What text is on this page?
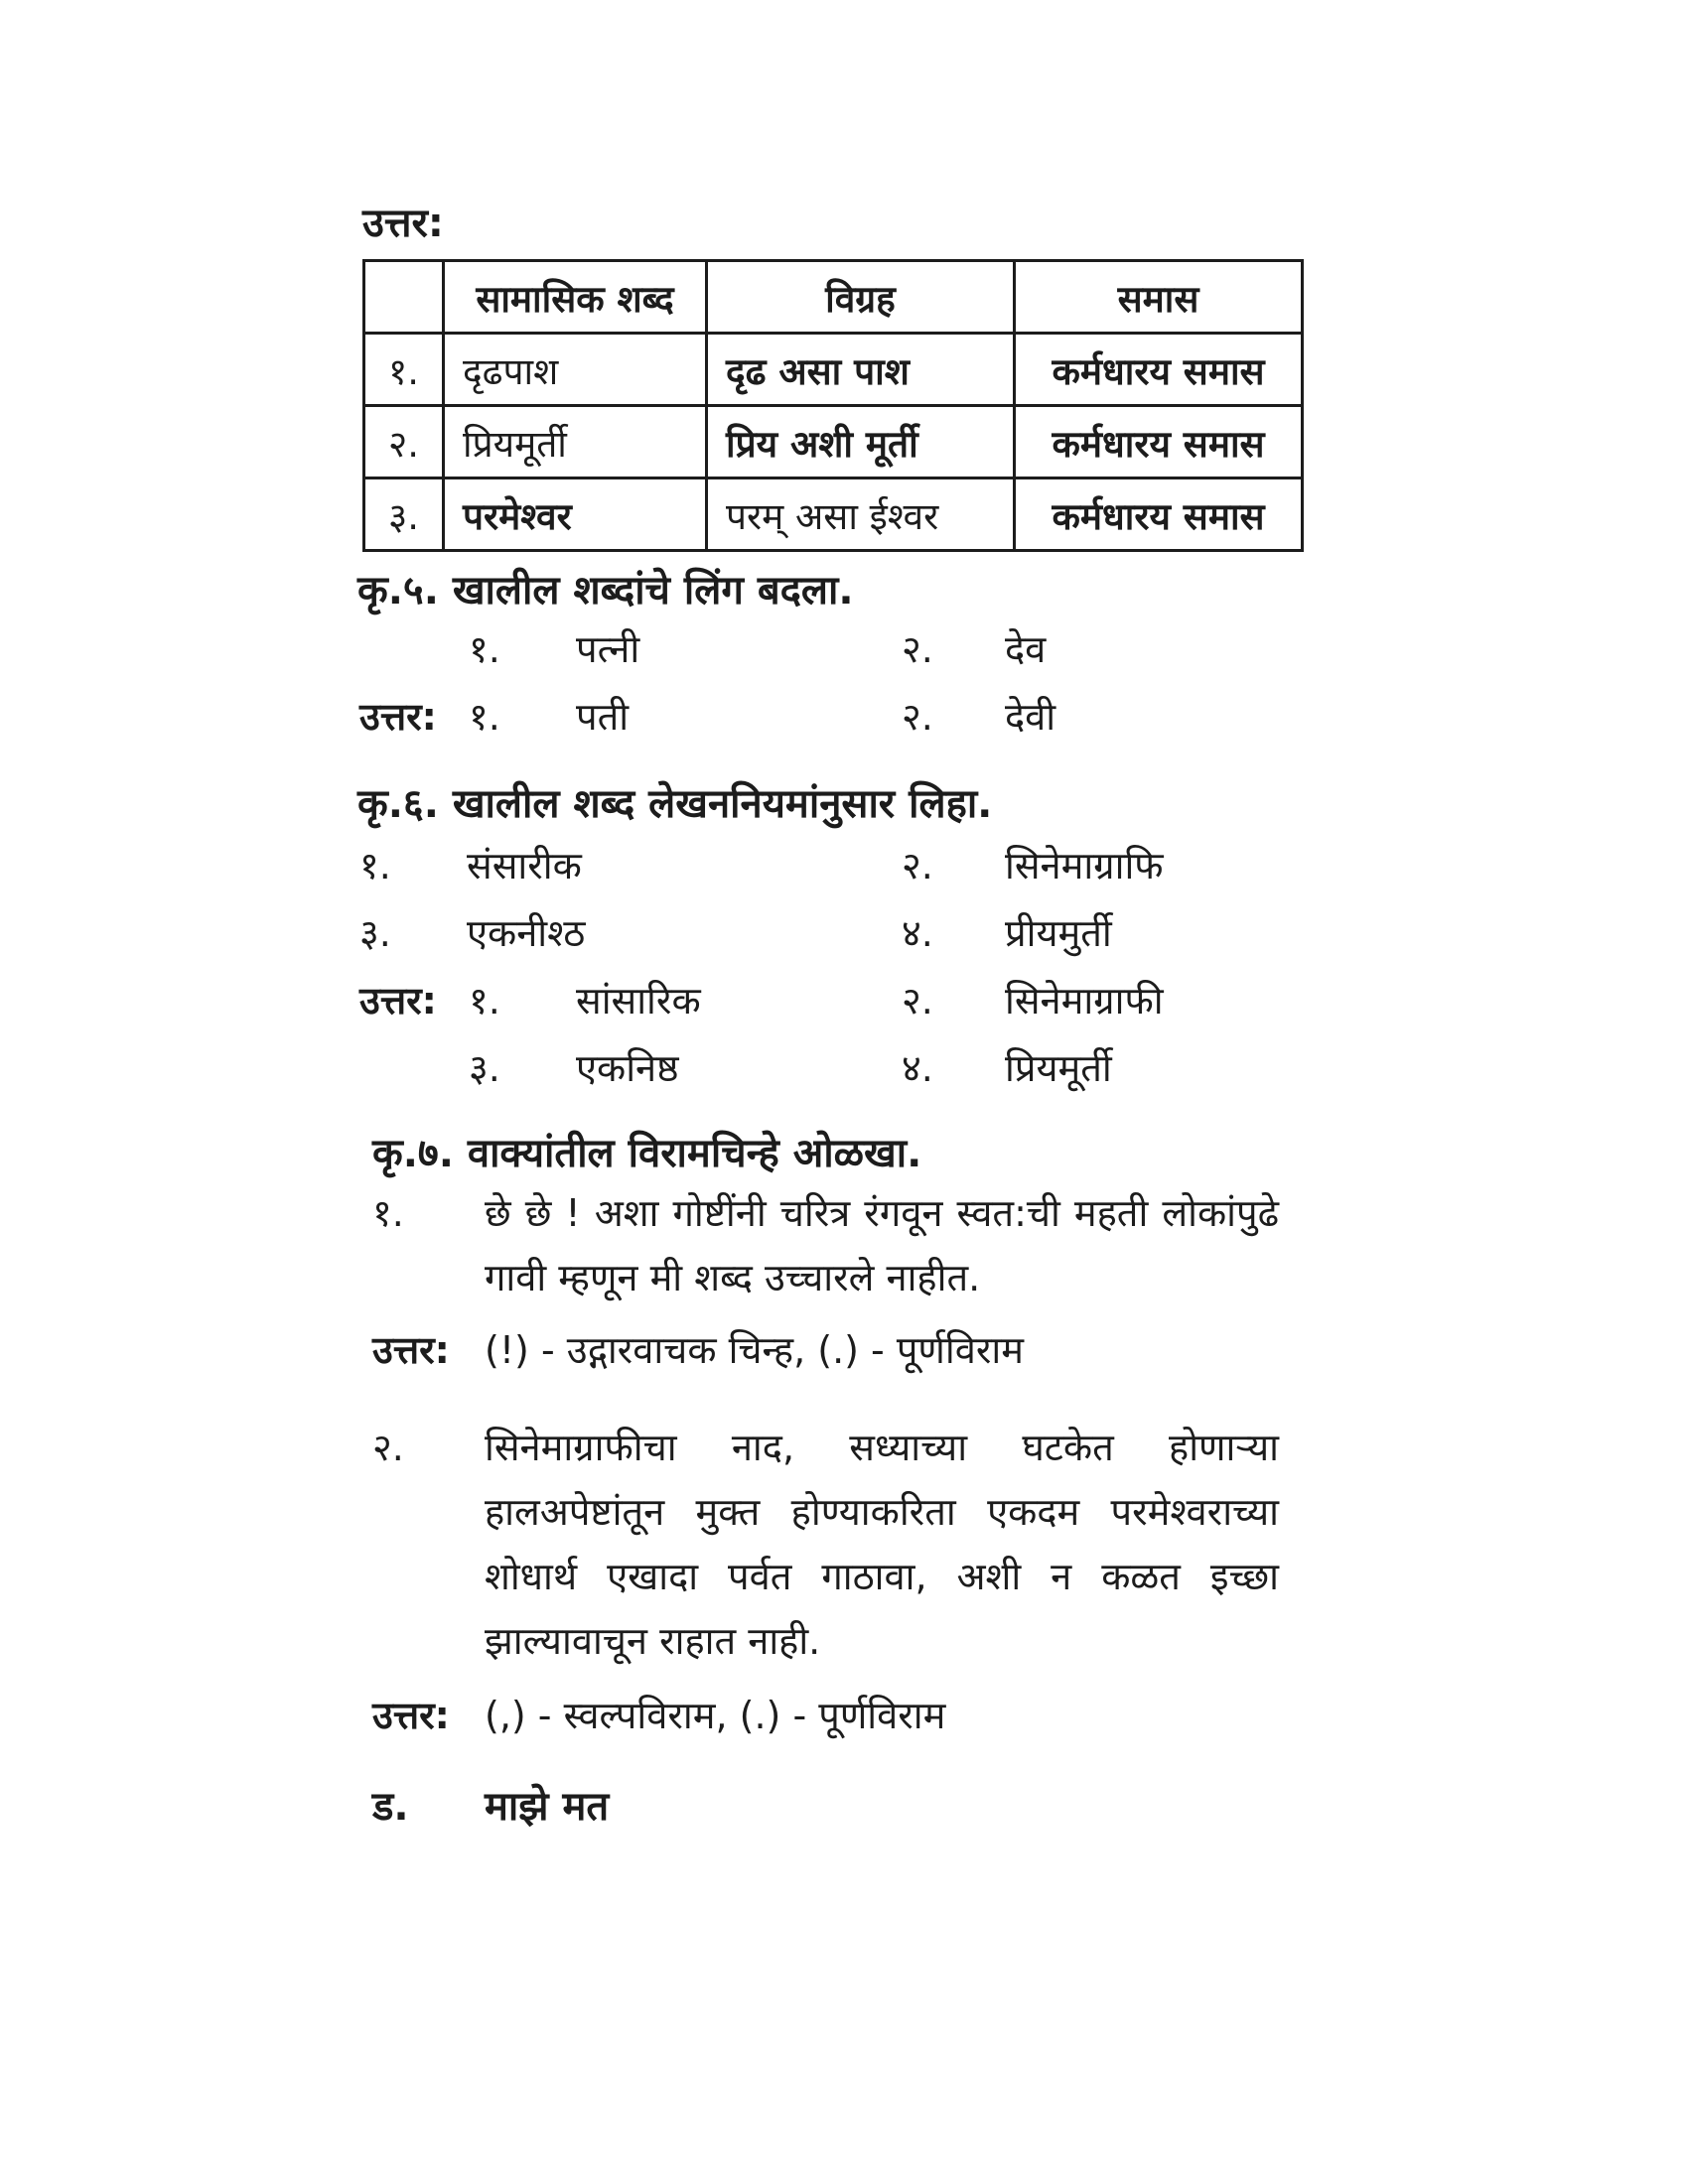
उत्तर:
	सामासिक शब्द	विग्रह	समास
१.	दृढपाश	दृढ असा पाश	कर्मधारय समास
२.	प्रियमूर्ती	प्रिय अशी मूर्ती	कर्मधारय समास
३.	परमेश्वर	परम् असा ईश्वर	कर्मधारय समास
कृ.५. खालील शब्दांचे लिंग बदला.
१. पत्नी	२. देव
उत्तर: १. पती	२. देवी
कृ.६. खालील शब्द लेखननियमांनुसार लिहा.
१. संसारीक	२. सिनेमाग्राफि
३. एकनीश्ठ	४. प्रीयमुर्ती
उत्तर: १. सांसारिक	२. सिनेमाग्राफी
३. एकनिष्ठ	४. प्रियमूर्ती
कृ.७. वाक्यांतील विरामचिन्हे ओळखा.
१. छे छे ! अशा गोष्टींनी चरित्र रंगवून स्वत:ची महती लोकांपुढे गावी म्हणून मी शब्द उच्चारले नाहीत.
उत्तर: (!) - उद्गारवाचक चिन्ह, (.) - पूर्णविराम
२. सिनेमाग्राफीचा नाद, सध्याच्या घटकेत होणाऱ्या हालअपेष्टांतून मुक्त होण्याकरिता एकदम परमेश्वराच्या शोधार्थ एखादा पर्वत गाठावा, अशी न कळत इच्छा झाल्यावाचून राहात नाही.
उत्तर: (,) - स्वल्पविराम, (.) - पूर्णविराम
ड. माझे मत
